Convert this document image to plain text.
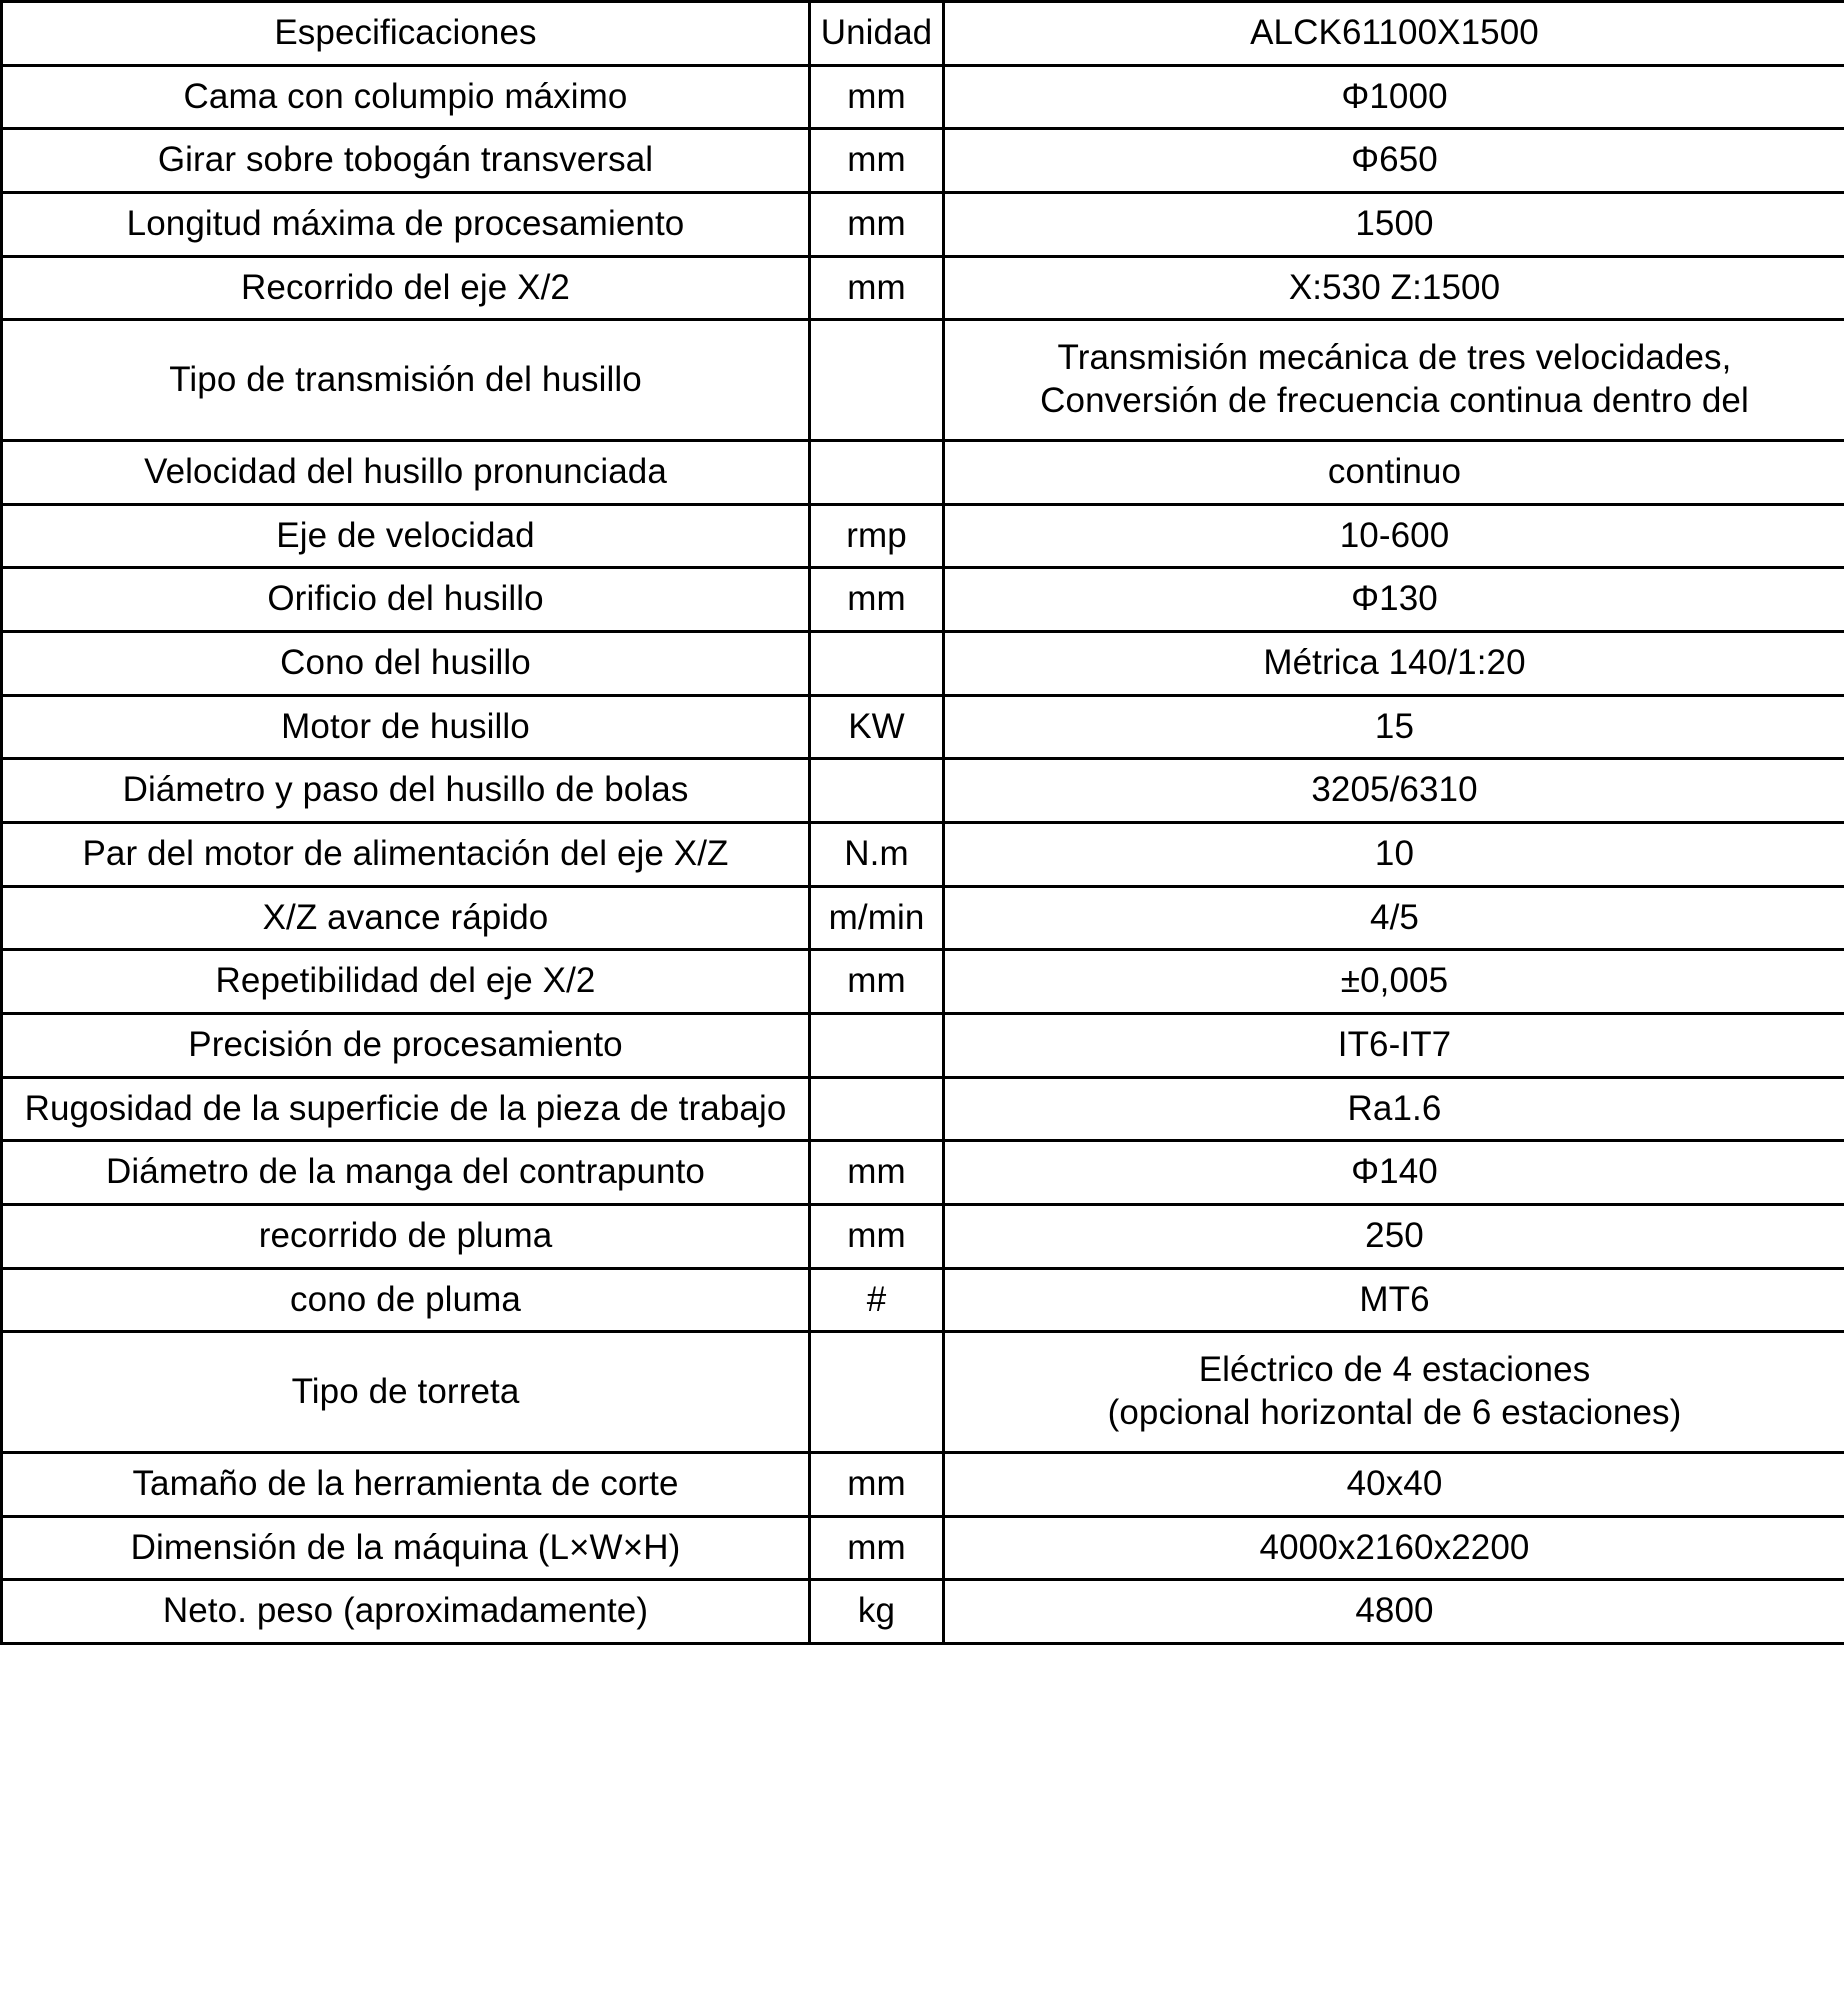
Especificaciones	Unidad	ALCK61100X1500
Cama con columpio máximo	mm	Φ1000
Girar sobre tobogán transversal	mm	Φ650
Longitud máxima de procesamiento	mm	1500
Recorrido del eje X/2	mm	X:530 Z:1500
Tipo de transmisión del husillo		Transmisión mecánica de tres velocidades,
Conversión de frecuencia continua dentro del

Velocidad del husillo pronunciada		continuo
Eje de velocidad	rmp	10-600
Orificio del husillo	mm	Φ130
Cono del husillo		Métrica 140/1:20
Motor de husillo	KW	15
Diámetro y paso del husillo de bolas		3205/6310
Par del motor de alimentación del eje X/Z	N.m	10
X/Z avance rápido	m/min	4/5
Repetibilidad del eje X/2	mm	±0,005
Precisión de procesamiento		IT6-IT7
Rugosidad de la superficie de la pieza de trabajo		Ra1.6
Diámetro de la manga del contrapunto	mm	Φ140
recorrido de pluma	mm	250
cono de pluma	#	MT6
Tipo de torreta		Eléctrico de 4 estaciones
(opcional horizontal de 6 estaciones)

Tamaño de la herramienta de corte	mm	40x40
Dimensión de la máquina (L×W×H)	mm	4000x2160x2200
Neto. peso (aproximadamente)	kg	4800
